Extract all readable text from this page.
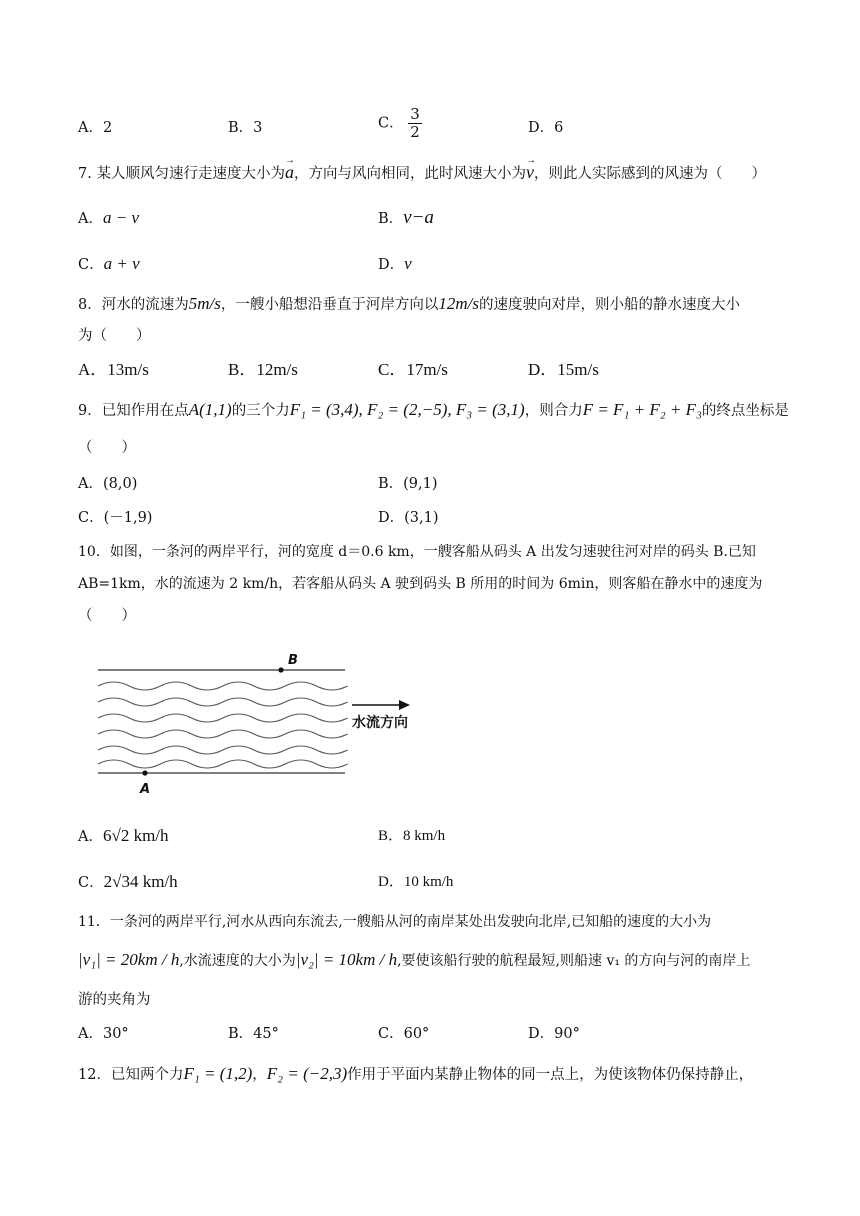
A．2	B．3	C． $\frac{3}{2}$	D．6
7. 某人顺风匀速行走速度大小为→ a，方向与风向相同，此时风速大小为→ v，则此人实际感到的风速为（　　）
A．a − v	B．v−a
C．a + v	D．v
8．河水的流速为5m/s，一艘小船想沿垂直于河岸方向以12m/s的速度驶向对岸，则小船的静水速度大小
为（　　）
A．13m/s	B．12m/s	C．17m/s	D．15m/s
9．已知作用在点A(1,1)的三个力F₁ = (3,4), F₂ = (2,−5), F₃ = (3,1)，则合力F = F₁ + F₂ + F₃的终点坐标是
（　　）
A．(8,0)	B．(9,1)
C．(－1,9)	D．(3,1)
10．如图，一条河的两岸平行，河的宽度 d＝0.6 km，一艘客船从码头 A 出发匀速驶往河对岸的码头 B.已知
AB=1km，水的流速为 2 km/h，若客船从码头 A 驶到码头 B 所用的时间为 6min，则客船在静水中的速度为
（　　）
B
A
水流方向
A．6√2 km/h	B．8 km/h
C．2√34 km/h	D．10 km/h
11．一条河的两岸平行,河水从西向东流去,一艘船从河的南岸某处出发驶向北岸,已知船的速度的大小为
|v₁| = 20km / h,水流速度的大小为|v₂| = 10km / h,要使该船行驶的航程最短,则船速 v₁ 的方向与河的南岸上
游的夹角为
A．30°	B．45°	C．60°	D．90°
12．已知两个力F₁ = (1,2)，F₂ = (−2,3)作用于平面内某静止物体的同一点上，为使该物体仍保持静止，
